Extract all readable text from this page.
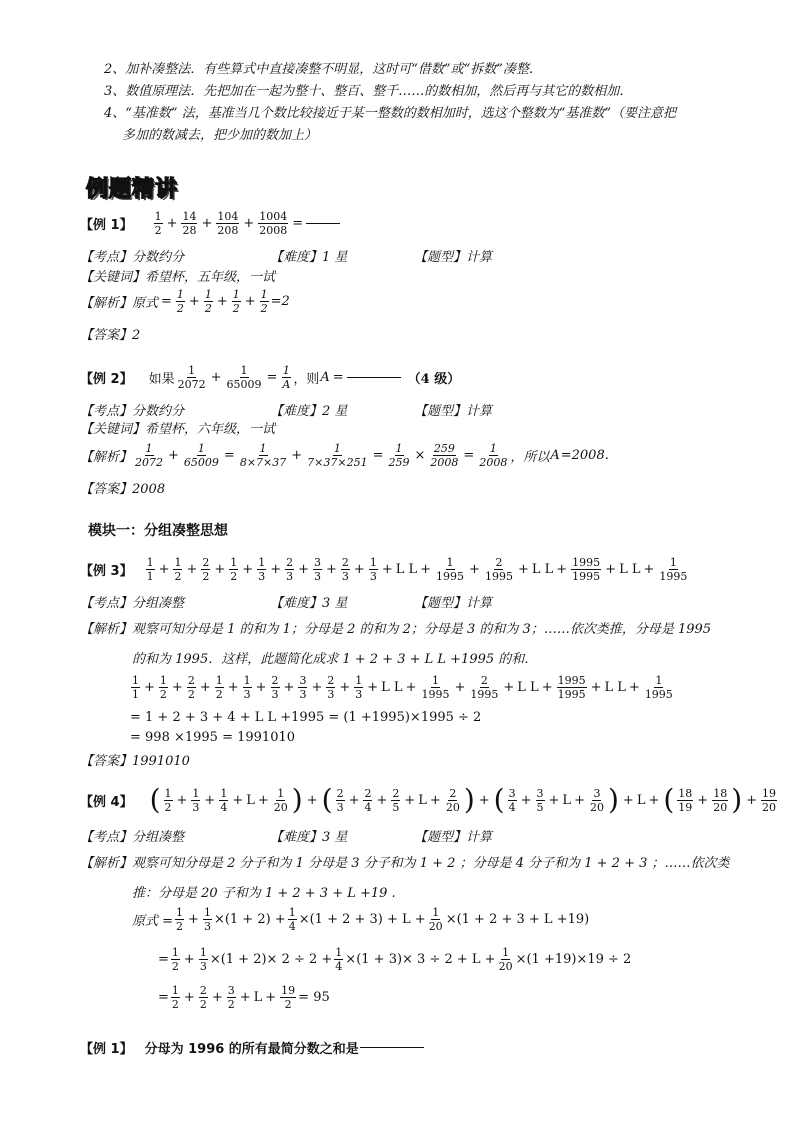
2、加补凑整法．有些算式中直接凑整不明显，这时可“借数”或“拆数”凑整．
3、数值原理法．先把加在一起为整十、整百、整千……的数相加，然后再与其它的数相加．
4、“基准数” 法，基准当几个数比较接近于某一整数的数相加时，选这个整数为“基准数”（要注意把
多加的数减去，把少加的数加上）
例题精讲
【例 1】 $\frac{1}{2} + \frac{14}{28} + \frac{104}{208} + \frac{1004}{2008}$ =
【考点】分数约分	【难度】1 星	【题型】计算
【关键词】希望杯，五年级，一试
【解析】原式 = $\frac{1}{2} + \frac{1}{2} + \frac{1}{2} + \frac{1}{2} =2$
【答案】2
【例 2】 如果 $\frac{1}{2072} + \frac{1}{65009} = \frac{1}{A}$ ，则 A =	（4 级）
【考点】分数约分	【难度】2 星	【题型】计算
【关键词】希望杯，六年级，一试
【解析】 $\frac{1}{2072} + \frac{1}{65009} = \frac{1}{8\times 7\times 37} + \frac{1}{7\times 37\times 251} = \frac{1}{259} \times \frac{259}{2008} = \frac{1}{2008}$ ，所以 A =2008.
【答案】2008
模块一：分组凑整思想
【例 3】 $\frac{1}{1} + \frac{1}{2} + \frac{2}{2} + \frac{1}{2} + \frac{1}{3} + \frac{2}{3} + \frac{3}{3} + \frac{2}{3} + \frac{1}{3} + L$ $L + \frac{1}{1995} + \frac{2}{1995} + L$ $L + \frac{1995}{1995} + L$ $L + \frac{1}{1995}$
【考点】分组凑整	【难度】3 星	【题型】计算
【解析】观察可知分母是 1 的和为 1；分母是 2 的和为 2；分母是 3 的和为 3；……依次类推，分母是 1995
的和为 1995．这样，此题简化成求 1 + 2 + 3 + L L +1995 的和．
$\frac{1}{1} + \frac{1}{2} + \frac{2}{2} + \frac{1}{2} + \frac{1}{3} + \frac{2}{3} + \frac{3}{3} + \frac{2}{3} + \frac{1}{3} + L$ $L + \frac{1}{1995} + \frac{2}{1995} + L$ $L + \frac{1995}{1995} + L$ $L + \frac{1}{1995}$
= 1 + 2 + 3 + 4 + L L +1995 = (1 +1995)×1995 ÷ 2
= 998 ×1995 = 1991010
【答案】1991010
【例 4】 ( $\frac{1}{2} + \frac{1}{3} + \frac{1}{4} + L + \frac{1}{20}$ ) + ( $\frac{2}{3} + \frac{2}{4} + \frac{2}{5} + L + \frac{2}{20}$ ) + ( $\frac{3}{4} + \frac{3}{5} + L + \frac{3}{20}$ ) + L + ( $\frac{18}{19} + \frac{18}{20}$ ) + $\frac{19}{20}$
【考点】分组凑整	【难度】3 星	【题型】计算
【解析】观察可知分母是 2 分子和为 1 分母是 3 分子和为 1 + 2 ；分母是 4 分子和为 1 + 2 + 3 ；……依次类
推：分母是 20 子和为 1 + 2 + 3 + L +19 .
原式 = $\frac{1}{2} + \frac{1}{3} \times(1 + 2) + \frac{1}{4} \times(1 + 2 + 3) + L + \frac{1}{20} \times(1 + 2 + 3 + L +19)$
= $\frac{1}{2} + \frac{1}{3} \times(1 + 2)\times 2 \div 2 + \frac{1}{4} \times(1 + 3)\times 3 \div 2 + L + \frac{1}{20} \times(1 +19)\times 19 \div 2$
= $\frac{1}{2} + \frac{2}{2} + \frac{3}{2} + L + \frac{19}{2} = 95$
【例 1】 分母为 1996 的所有最简分数之和是
